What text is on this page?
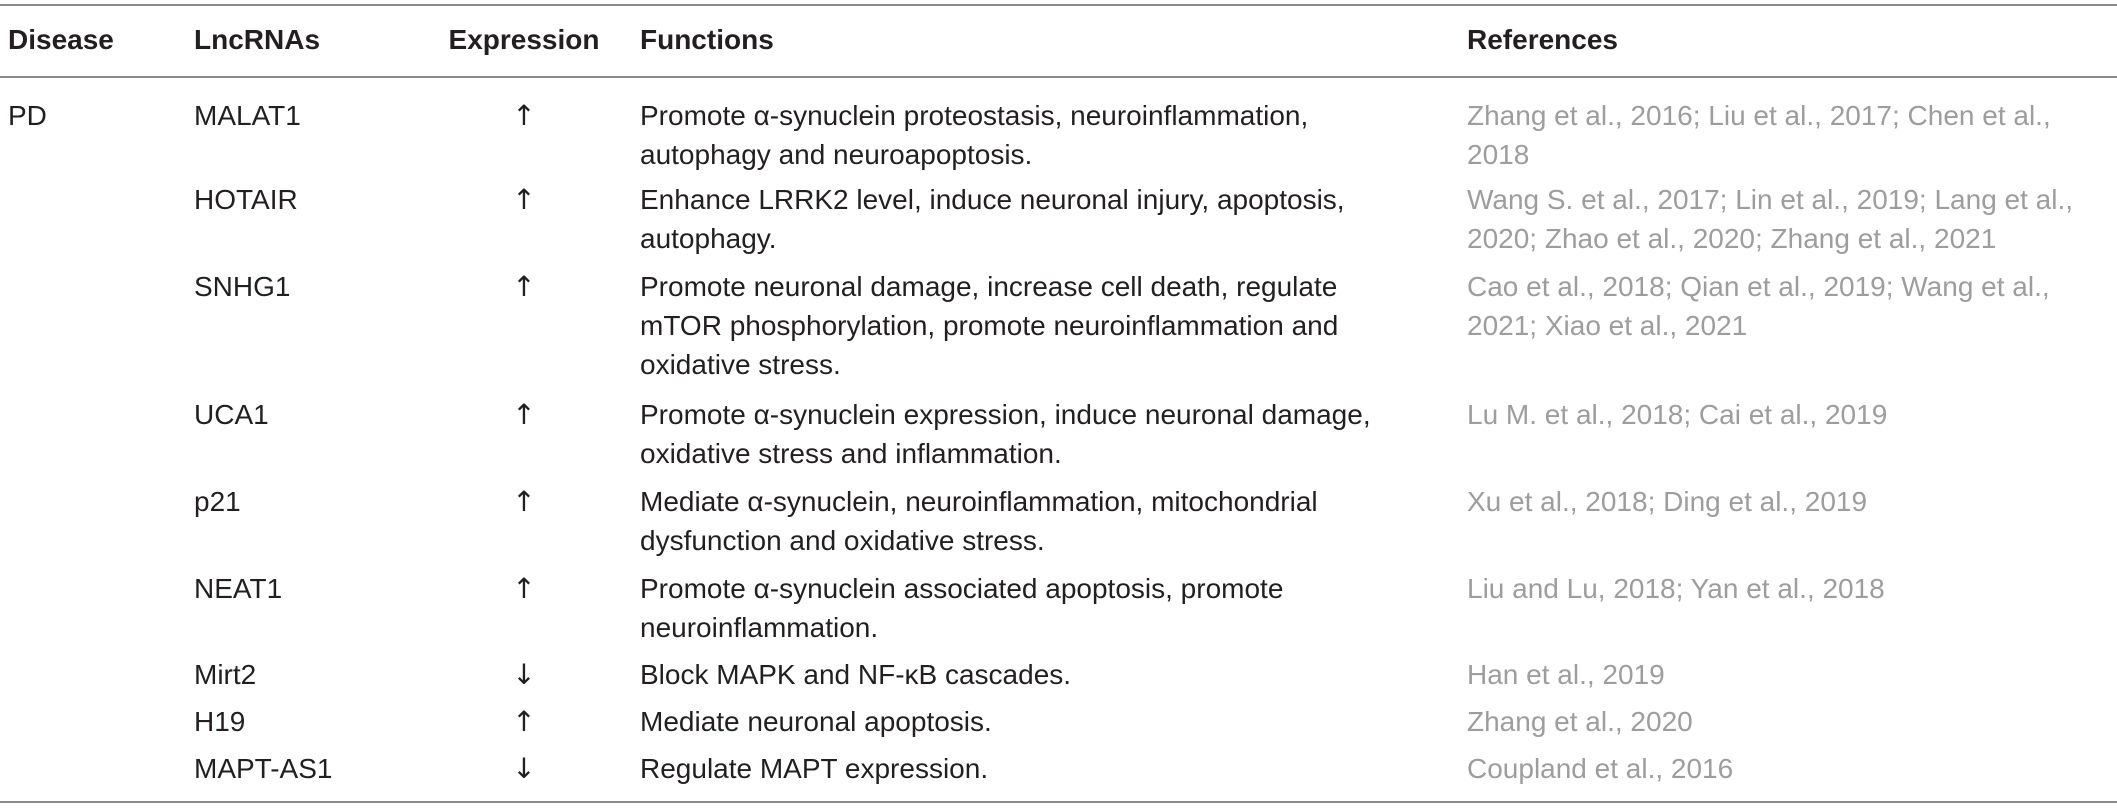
Disease	LncRNAs	Expression	Functions	References
PD	MALAT1	↑	Promote α-synuclein proteostasis, neuroinflammation, autophagy and neuroapoptosis.	Zhang et al., 2016; Liu et al., 2017; Chen et al., 2018
	HOTAIR	↑	Enhance LRRK2 level, induce neuronal injury, apoptosis, autophagy.	Wang S. et al., 2017; Lin et al., 2019; Lang et al., 2020; Zhao et al., 2020; Zhang et al., 2021
	SNHG1	↑	Promote neuronal damage, increase cell death, regulate mTOR phosphorylation, promote neuroinflammation and oxidative stress.	Cao et al., 2018; Qian et al., 2019; Wang et al., 2021; Xiao et al., 2021
	UCA1	↑	Promote α-synuclein expression, induce neuronal damage, oxidative stress and inflammation.	Lu M. et al., 2018; Cai et al., 2019
	p21	↑	Mediate α-synuclein, neuroinflammation, mitochondrial dysfunction and oxidative stress.	Xu et al., 2018; Ding et al., 2019
	NEAT1	↑	Promote α-synuclein associated apoptosis, promote neuroinflammation.	Liu and Lu, 2018; Yan et al., 2018
	Mirt2	↓	Block MAPK and NF-κB cascades.	Han et al., 2019
	H19	↑	Mediate neuronal apoptosis.	Zhang et al., 2020
	MAPT-AS1	↓	Regulate MAPT expression.	Coupland et al., 2016
